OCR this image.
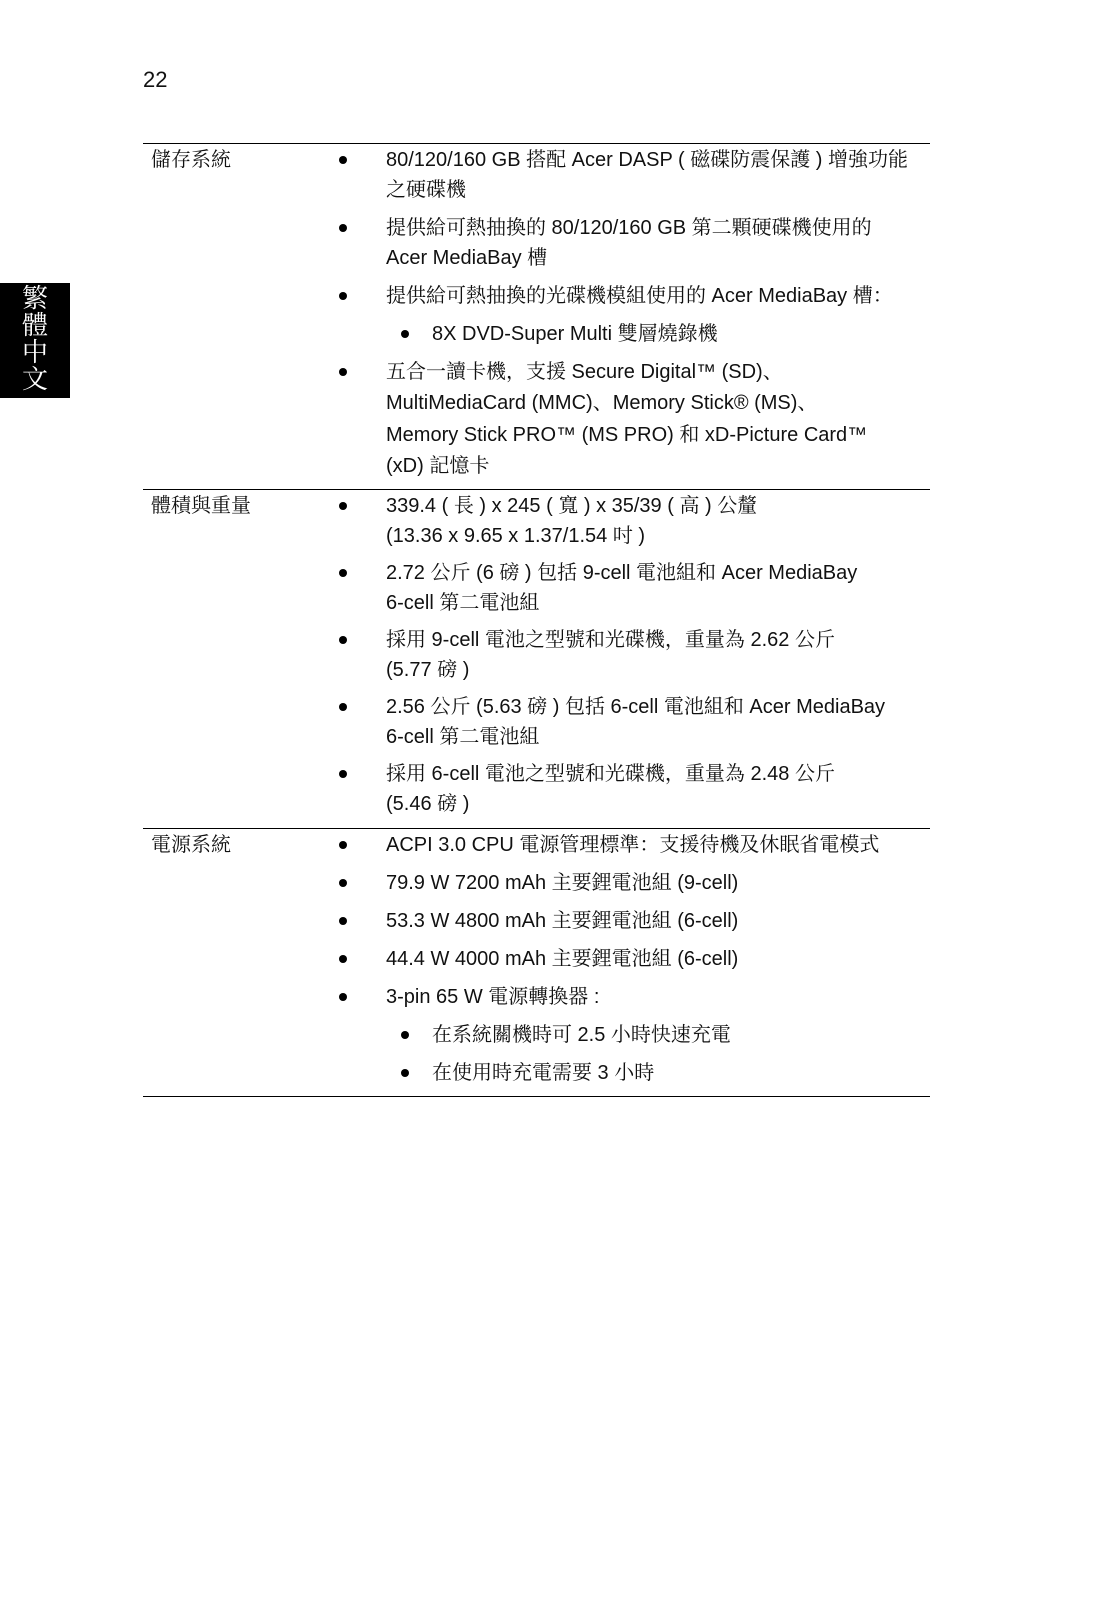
22
繁體中文
儲存系統	80/120/160 GB 搭配 Acer DASP ( 磁碟防震保護 ) 增強功能
之硬碟機
提供給可熱抽換的 80/120/160 GB 第二顆硬碟機使用的
Acer MediaBay 槽
提供給可熱抽換的光碟機模組使用的 Acer MediaBay 槽：
8X DVD-Super Multi 雙層燒錄機
五合一讀卡機，支援 Secure Digital™ (SD)、
MultiMediaCard (MMC)、Memory Stick® (MS)、
Memory Stick PRO™ (MS PRO) 和 xD-Picture Card™
(xD) 記憶卡
體積與重量	339.4 ( 長 ) x 245 ( 寬 ) x 35/39 ( 高 ) 公釐
(13.36 x 9.65 x 1.37/1.54 吋 )
2.72 公斤 (6 磅 ) 包括 9-cell 電池組和 Acer MediaBay
6-cell 第二電池組
採用 9-cell 電池之型號和光碟機，重量為 2.62 公斤
(5.77 磅 )
2.56 公斤 (5.63 磅 ) 包括 6-cell 電池組和 Acer MediaBay
6-cell 第二電池組
採用 6-cell 電池之型號和光碟機，重量為 2.48 公斤
(5.46 磅 )
電源系統	ACPI 3.0 CPU 電源管理標準：支援待機及休眠省電模式
79.9 W 7200 mAh 主要鋰電池組 (9-cell)
53.3 W 4800 mAh 主要鋰電池組 (6-cell)
44.4 W 4000 mAh 主要鋰電池組 (6-cell)
3-pin 65 W 電源轉換器 :
在系統關機時可 2.5 小時快速充電
在使用時充電需要 3 小時
